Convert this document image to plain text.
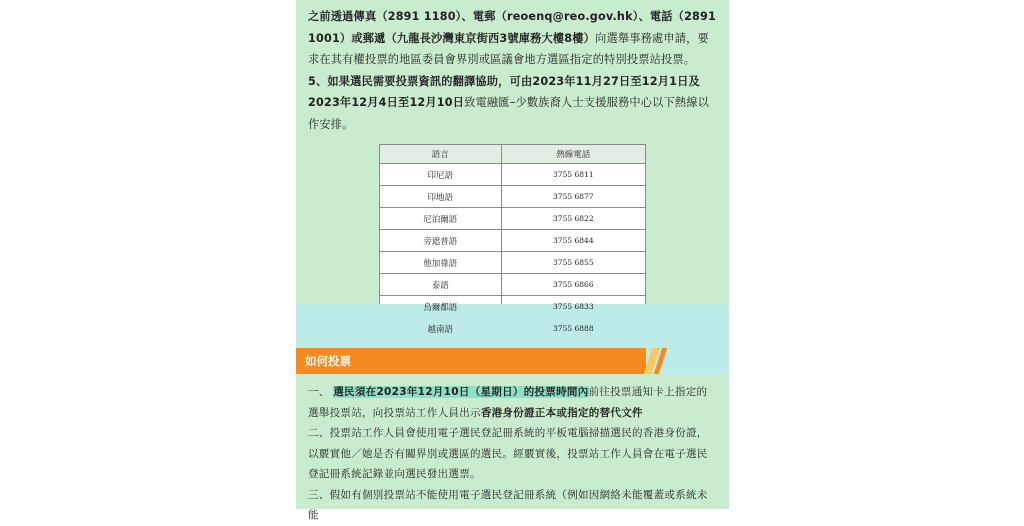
之前透過傳真（2891 1180）、電郵（reoenq@reo.gov.hk）、電話（2891 1001）或郵遞（九龍長沙灣東京街西3號庫務大樓8樓）向選舉事務處申請，要求在其有權投票的地區委員會界別或區議會地方選區指定的特別投票站投票。

5、如果選民需要投票資訊的翻譯協助，可由2023年11月27日至12月1日及2023年12月4日至12月10日致電融匯–少數族裔人士支援服務中心以下熱線以作安排。

語言	熱線電話
印尼語	3755 6811
印地語	3755 6877
尼泊爾語	3755 6822
旁遮普語	3755 6844
他加祿語	3755 6855
泰語	3755 6866
烏爾都語	3755 6833
越南語	3755 6888
如何投票

一、 選民須在2023年12月10日（星期日）的投票時間內前往投票通知卡上指定的選舉投票站，向投票站工作人員出示香港身份證正本或指定的替代文件

二、投票站工作人員會使用電子選民登記冊系統的平板電腦掃描選民的香港身份證，以覈實他／她是否有關界別或選區的選民。經覈實後，投票站工作人員會在電子選民登記冊系統記錄並向選民發出選票。

三、假如有個別投票站不能使用電子選民登記冊系統（例如因網絡未能覆蓋或系統未能
